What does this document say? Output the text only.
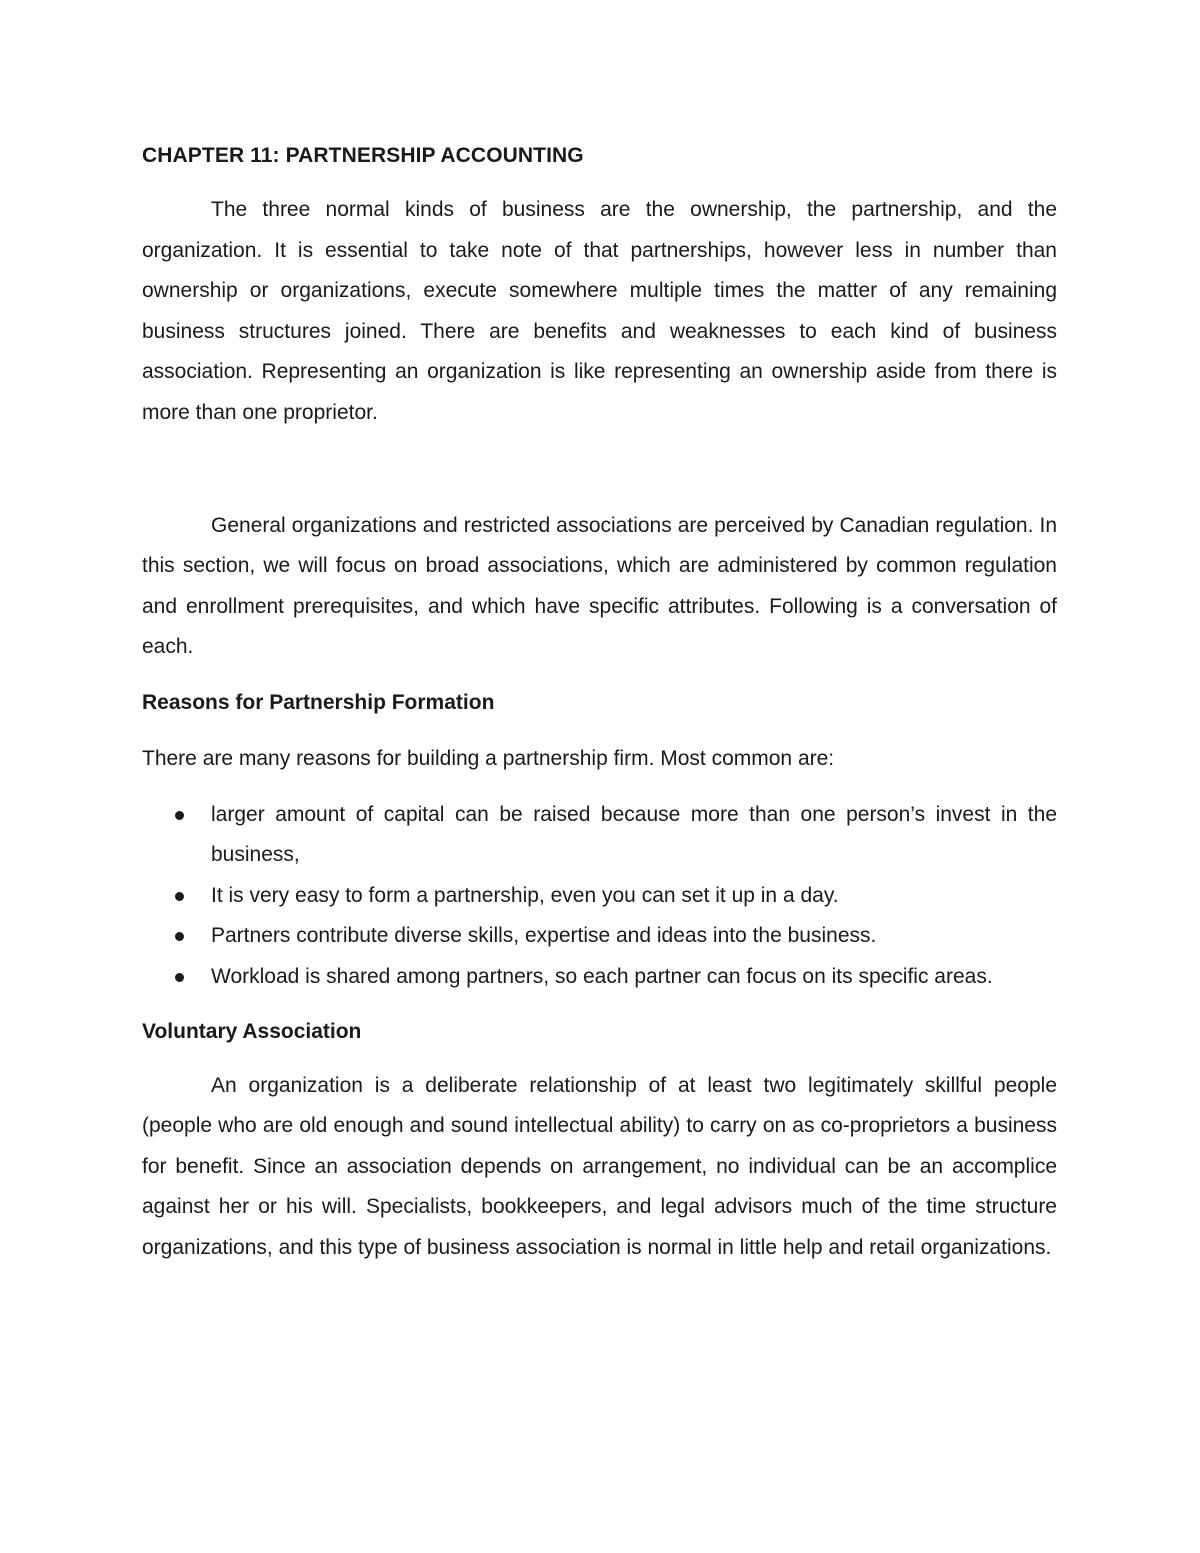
CHAPTER 11: PARTNERSHIP ACCOUNTING

The three normal kinds of business are the ownership, the partnership, and the organization. It is essential to take note of that partnerships, however less in number than ownership or organizations, execute somewhere multiple times the matter of any remaining business structures joined. There are benefits and weaknesses to each kind of business association. Representing an organization is like representing an ownership aside from there is more than one proprietor.

General organizations and restricted associations are perceived by Canadian regulation. In this section, we will focus on broad associations, which are administered by common regulation and enrollment prerequisites, and which have specific attributes. Following is a conversation of each.

Reasons for Partnership Formation

There are many reasons for building a partnership firm. Most common are:

larger amount of capital can be raised because more than one person’s invest in the business,
It is very easy to form a partnership, even you can set it up in a day.
Partners contribute diverse skills, expertise and ideas into the business.
Workload is shared among partners, so each partner can focus on its specific areas.
Voluntary Association

An organization is a deliberate relationship of at least two legitimately skillful people (people who are old enough and sound intellectual ability) to carry on as co-proprietors a business for benefit. Since an association depends on arrangement, no individual can be an accomplice against her or his will. Specialists, bookkeepers, and legal advisors much of the time structure organizations, and this type of business association is normal in little help and retail organizations.
